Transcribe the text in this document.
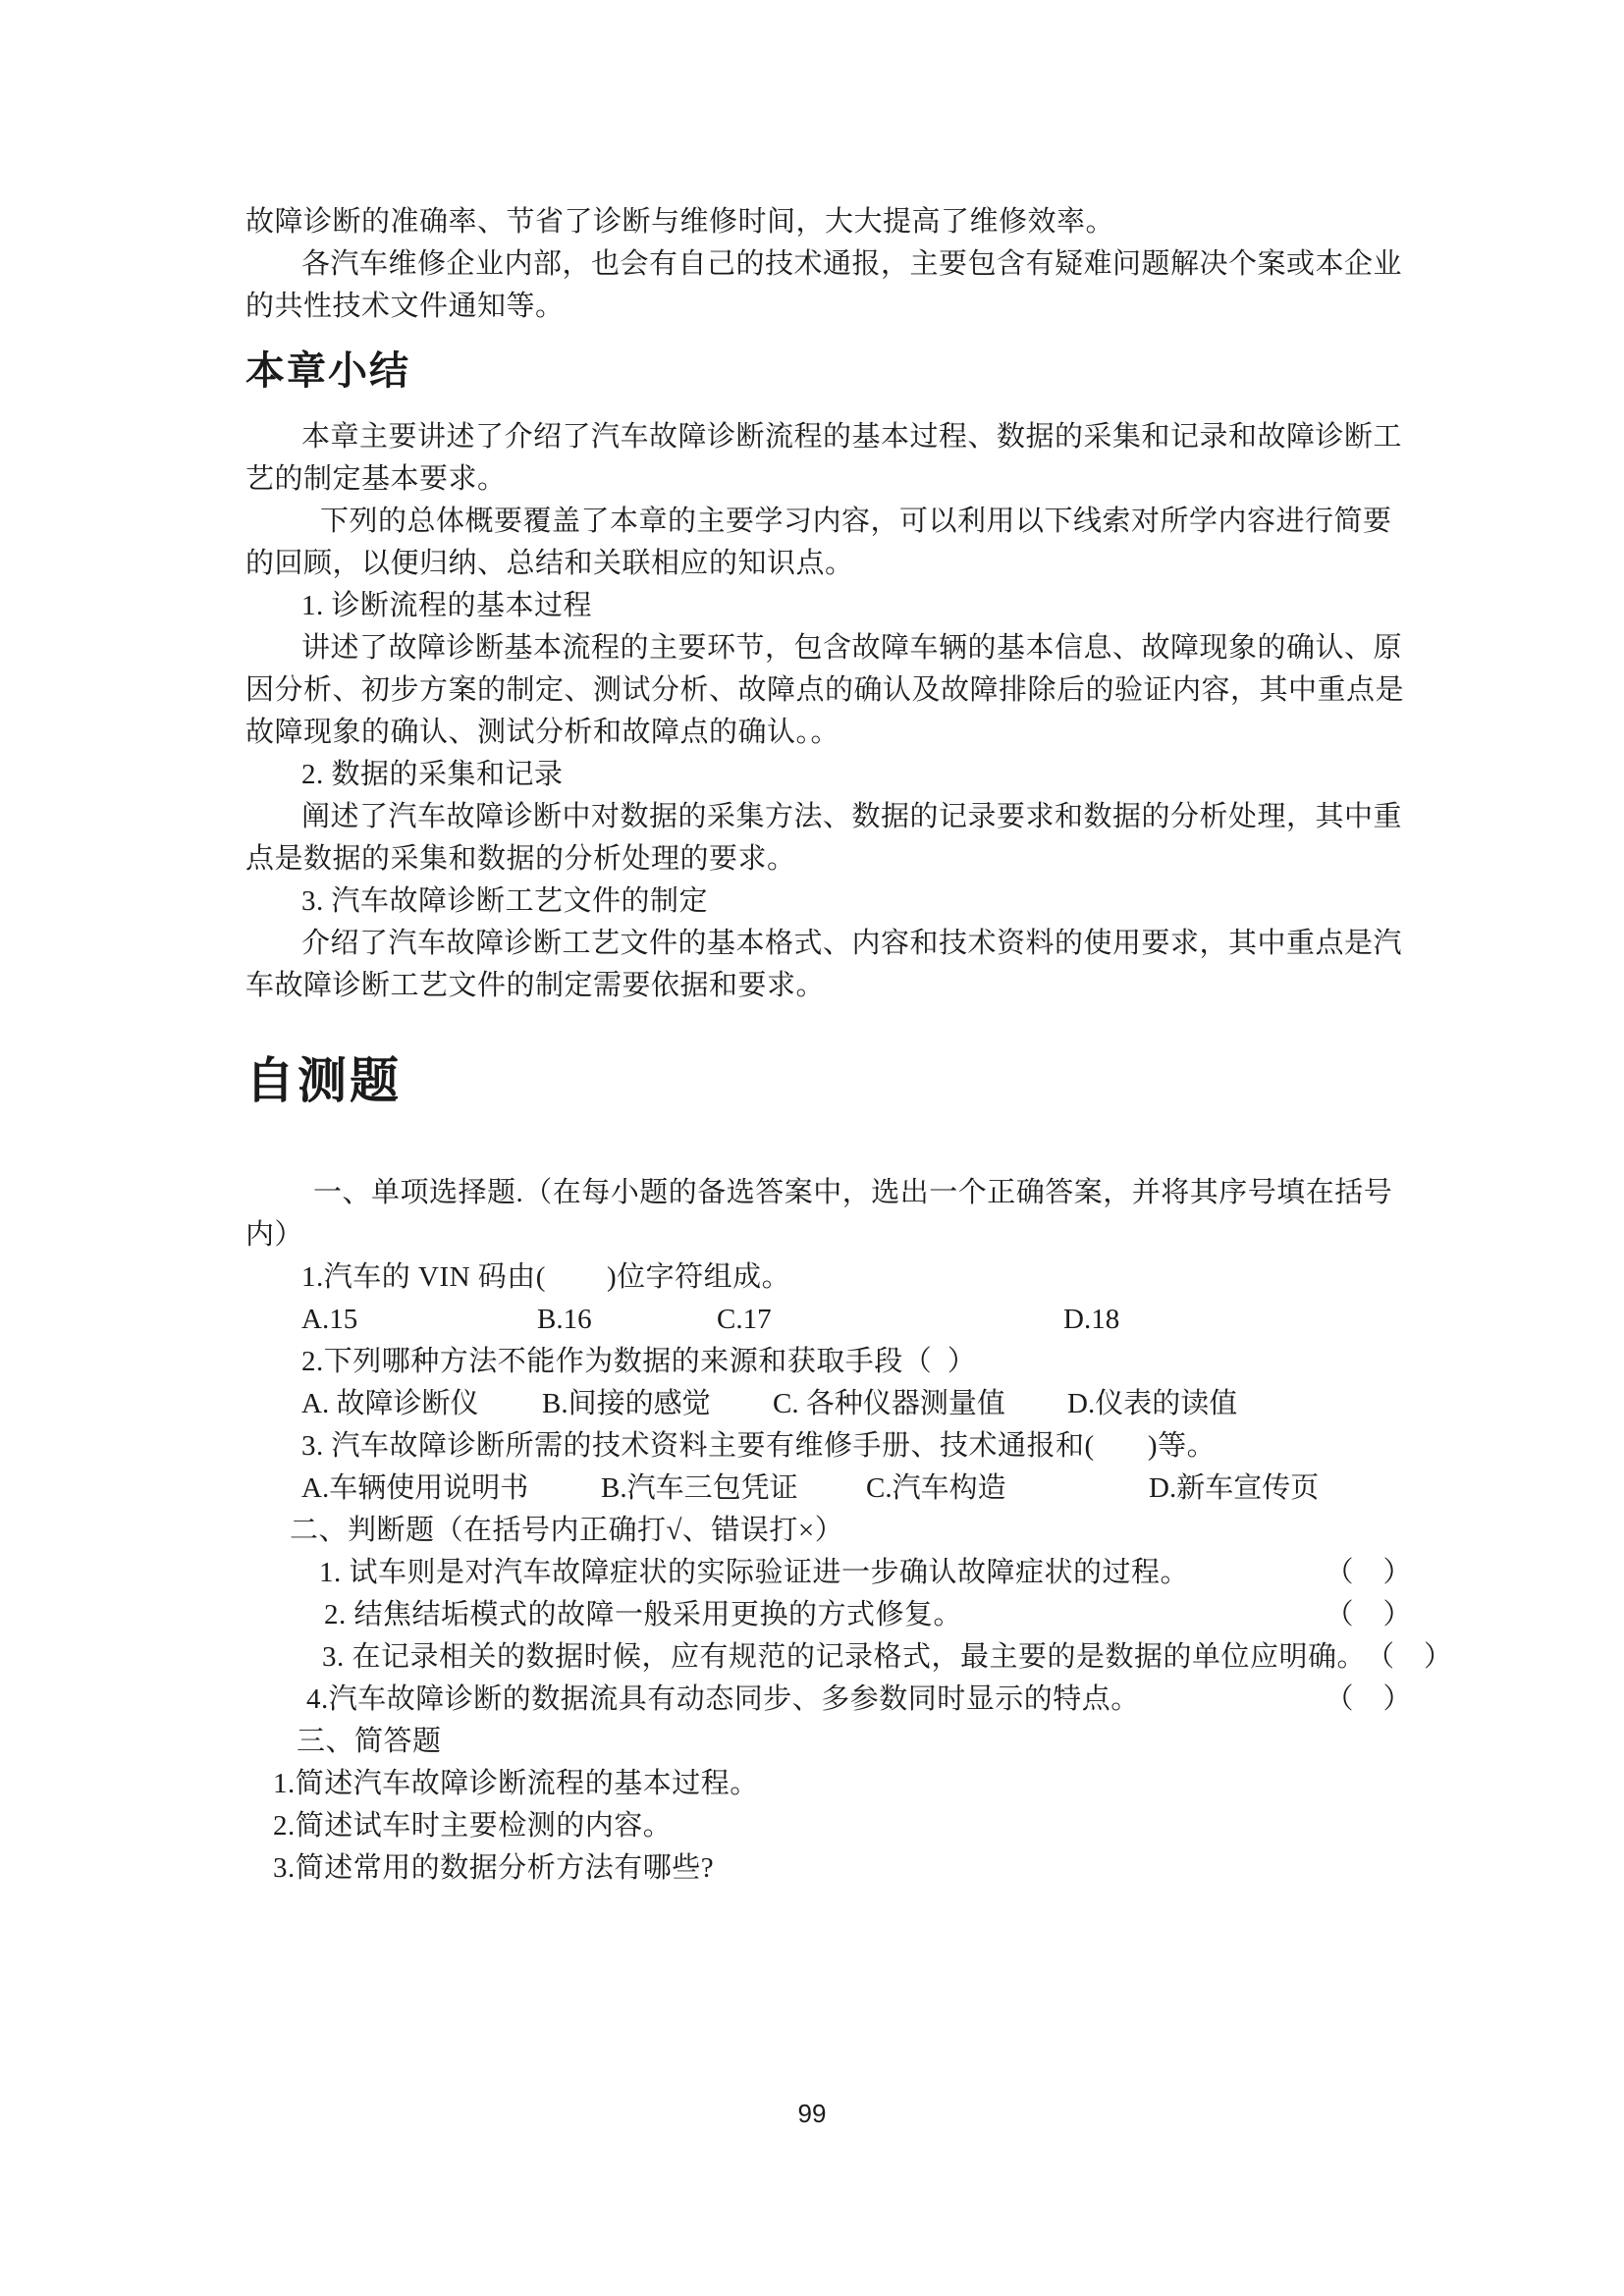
故障诊断的准确率、节省了诊断与维修时间，大大提高了维修效率。
各汽车维修企业内部，也会有自己的技术通报，主要包含有疑难问题解决个案或本企业
的共性技术文件通知等。
本章小结
本章主要讲述了介绍了汽车故障诊断流程的基本过程、数据的采集和记录和故障诊断工
艺的制定基本要求。
下列的总体概要覆盖了本章的主要学习内容，可以利用以下线索对所学内容进行简要
的回顾，以便归纳、总结和关联相应的知识点。
1. 诊断流程的基本过程
讲述了故障诊断基本流程的主要环节，包含故障车辆的基本信息、故障现象的确认、原
因分析、初步方案的制定、测试分析、故障点的确认及故障排除后的验证内容，其中重点是
故障现象的确认、测试分析和故障点的确认。。
2. 数据的采集和记录
阐述了汽车故障诊断中对数据的采集方法、数据的记录要求和数据的分析处理，其中重
点是数据的采集和数据的分析处理的要求。
3. 汽车故障诊断工艺文件的制定
介绍了汽车故障诊断工艺文件的基本格式、内容和技术资料的使用要求，其中重点是汽
车故障诊断工艺文件的制定需要依据和要求。
自测题
一、单项选择题.（在每小题的备选答案中，选出一个正确答案，并将其序号填在括号
内）
1.汽车的 VIN 码由(        )位字符组成。

A.15

	B.16

	C.17

	D.18

2.下列哪种方法不能作为数据的来源和获取手段（  ）

A. 故障诊断仪

B.间接的感觉

C. 各种仪器测量值

D.仪表的读值

3. 汽车故障诊断所需的技术资料主要有维修手册、技术通报和(       )等。

A.车辆使用说明书

	B.汽车三包凭证

C.汽车构造

	D.新车宣传页

二、判断题（在括号内正确打√、错误打×）
1. 试车则是对汽车故障症状的实际验证进一步确认故障症状的过程。	（　）
2. 结焦结垢模式的故障一般采用更换的方式修复。	（　）
3. 在记录相关的数据时候，应有规范的记录格式，最主要的是数据的单位应明确。 （　）
4.汽车故障诊断的数据流具有动态同步、多参数同时显示的特点。	（　）
三、简答题
1.简述汽车故障诊断流程的基本过程。
2.简述试车时主要检测的内容。
3.简述常用的数据分析方法有哪些?
99
